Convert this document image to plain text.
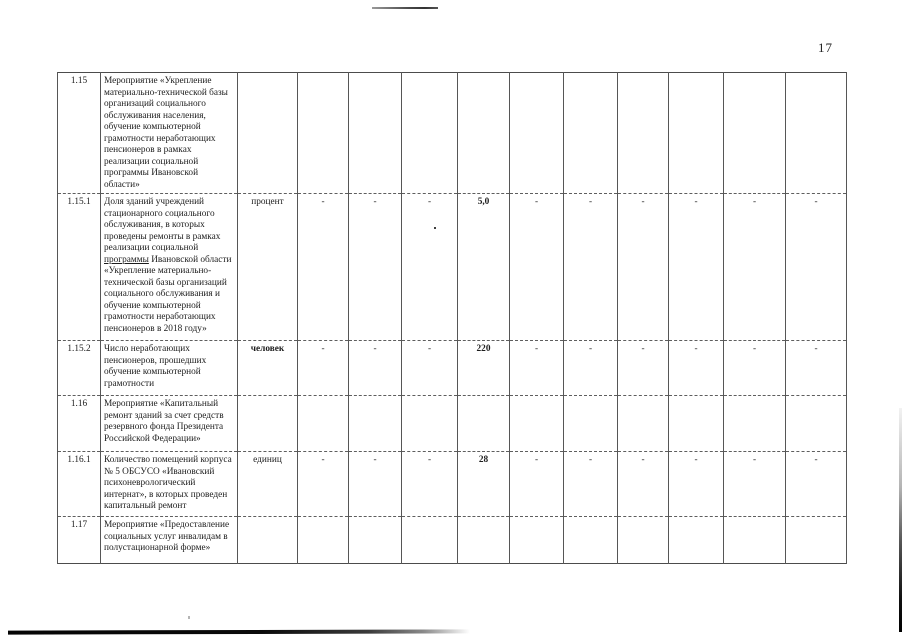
17
1.15	Мероприятие «Укрепление материально-технической базы организаций социального обслуживания населения, обучение компьютерной грамотности неработающих пенсионеров в рамках реализации социальной программы Ивановской области»											
1.15.1	Доля зданий учреждений стационарного социального обслуживания, в которых проведены ремонты в рамках реализации социальной программы Ивановской области «Укрепление материально-технической базы организаций социального обслуживания и обучение компьютерной грамотности неработающих пенсионеров в 2018 году»	процент	-	-	-	5,0	-	-	-	-	-	-
1.15.2	Число неработающих пенсионеров, прошедших обучение компьютерной грамотности	человек	-	-	-	220	-	-	-	-	-	-
1.16	Мероприятие «Капитальный ремонт зданий за счет средств резервного фонда Президента Российской Федерации»											
1.16.1	Количество помещений корпуса № 5 ОБСУСО «Ивановский психоневрологический интернат», в которых проведен капитальный ремонт	единиц	-	-	-	28	-	-	-	-	-	-
1.17	Мероприятие «Предоставление социальных услуг инвалидам в полустационарной форме»											
